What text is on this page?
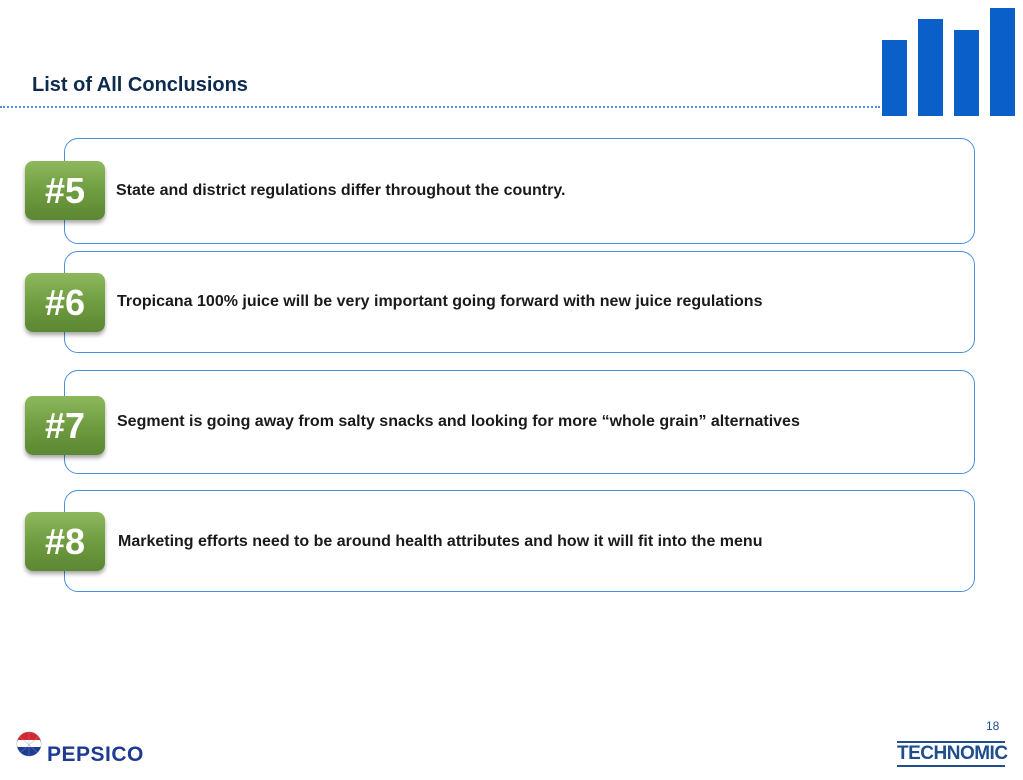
List of All Conclusions
#5	State and district regulations differ throughout the country.
#6	Tropicana 100% juice will be very important going forward with new juice regulations
#7	Segment is going away from salty snacks and looking for more “whole grain” alternatives
#8	Marketing efforts need to be around health attributes and how it will fit into the menu
18
PEPSICO	TECHNOMIC
